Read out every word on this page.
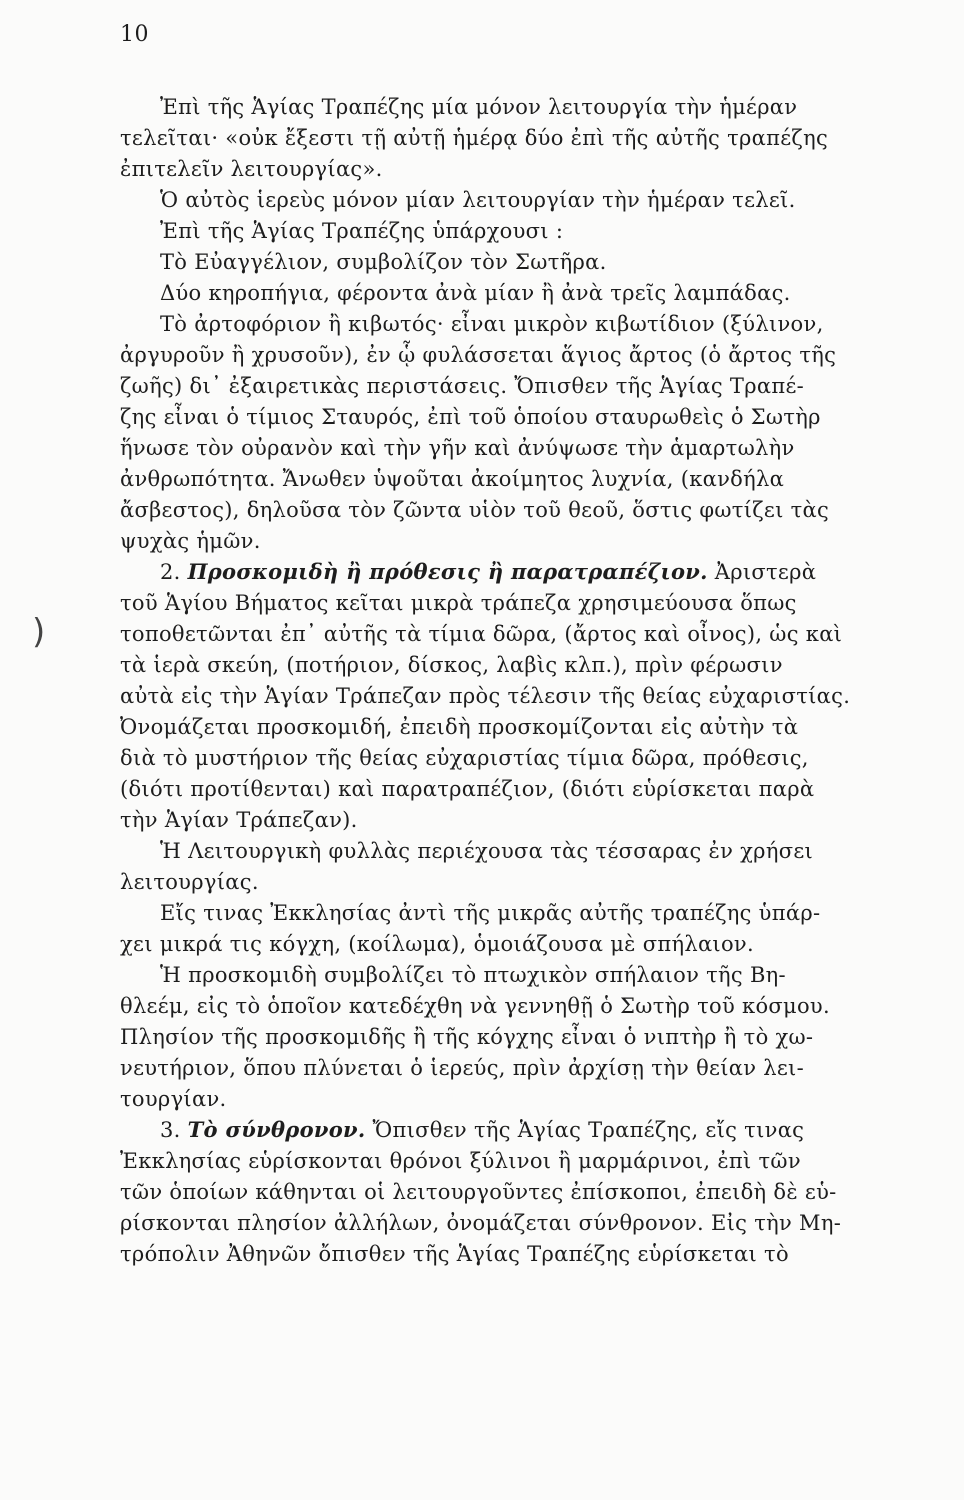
10
)
Ἐπὶ τῆς Ἁγίας Τραπέζης μία μόνον λειτουργία τὴν ἡμέραν
τελεῖται· «οὐκ ἔξεστι τῇ αὐτῇ ἡμέρᾳ δύο ἐπὶ τῆς αὐτῆς τραπέζης
ἐπιτελεῖν λειτουργίας».
Ὁ αὐτὸς ἱερεὺς μόνον μίαν λειτουργίαν τὴν ἡμέραν τελεῖ.
Ἐπὶ τῆς Ἁγίας Τραπέζης ὑπάρχουσι :
Τὸ Εὐαγγέλιον, συμβολίζον τὸν Σωτῆρα.
Δύο κηροπήγια, φέροντα ἀνὰ μίαν ἢ ἀνὰ τρεῖς λαμπάδας.
Τὸ ἀρτοφόριον ἢ κιβωτός· εἶναι μικρὸν κιβωτίδιον (ξύλινον,
ἀργυροῦν ἢ χρυσοῦν), ἐν ᾧ φυλάσσεται ἅγιος ἄρτος (ὁ ἄρτος τῆς
ζωῆς) δι᾽ ἐξαιρετικὰς περιστάσεις. Ὄπισθεν τῆς Ἁγίας Τραπέ-
ζης εἶναι ὁ τίμιος Σταυρός, ἐπὶ τοῦ ὁποίου σταυρωθεὶς ὁ Σωτὴρ
ἥνωσε τὸν οὐρανὸν καὶ τὴν γῆν καὶ ἀνύψωσε τὴν ἁμαρτωλὴν
ἀνθρωπότητα. Ἄνωθεν ὑψοῦται ἀκοίμητος λυχνία, (κανδήλα
ἄσβεστος), δηλοῦσα τὸν ζῶντα υἱὸν τοῦ θεοῦ, ὅστις φωτίζει τὰς
ψυχὰς ἡμῶν.
2. Προσκομιδὴ ἢ πρόθεσις ἢ παρατραπέζιον. Ἀριστερὰ
τοῦ Ἁγίου Βήματος κεῖται μικρὰ τράπεζα χρησιμεύουσα ὅπως
τοποθετῶνται ἐπ᾽ αὐτῆς τὰ τίμια δῶρα, (ἄρτος καὶ οἶνος), ὡς καὶ
τὰ ἱερὰ σκεύη, (ποτήριον, δίσκος, λαβὶς κλπ.), πρὶν φέρωσιν
αὐτὰ εἰς τὴν Ἁγίαν Τράπεζαν πρὸς τέλεσιν τῆς θείας εὐχαριστίας.
Ὀνομάζεται προσκομιδή, ἐπειδὴ προσκομίζονται εἰς αὐτὴν τὰ
διὰ τὸ μυστήριον τῆς θείας εὐχαριστίας τίμια δῶρα, πρόθεσις,
(διότι προτίθενται) καὶ παρατραπέζιον, (διότι εὑρίσκεται παρὰ
τὴν Ἁγίαν Τράπεζαν).
Ἡ Λειτουργικὴ φυλλὰς περιέχουσα τὰς τέσσαρας ἐν χρήσει
λειτουργίας.
Εἴς τινας Ἐκκλησίας ἀντὶ τῆς μικρᾶς αὐτῆς τραπέζης ὑπάρ-
χει μικρά τις κόγχη, (κοίλωμα), ὁμοιάζουσα μὲ σπήλαιον.
Ἡ προσκομιδὴ συμβολίζει τὸ πτωχικὸν σπήλαιον τῆς Βη-
θλεέμ, εἰς τὸ ὁποῖον κατεδέχθη νὰ γεννηθῇ ὁ Σωτὴρ τοῦ κόσμου.
Πλησίον τῆς προσκομιδῆς ἢ τῆς κόγχης εἶναι ὁ νιπτὴρ ἢ τὸ χω-
νευτήριον, ὅπου πλύνεται ὁ ἱερεύς, πρὶν ἀρχίσῃ τὴν θείαν λει-
τουργίαν.
3. Τὸ σύνθρονον. Ὄπισθεν τῆς Ἁγίας Τραπέζης, εἴς τινας
Ἐκκλησίας εὑρίσκονται θρόνοι ξύλινοι ἢ μαρμάρινοι, ἐπὶ τῶν
τῶν ὁποίων κάθηνται οἱ λειτουργοῦντες ἐπίσκοποι, ἐπειδὴ δὲ εὑ-
ρίσκονται πλησίον ἀλλήλων, ὀνομάζεται σύνθρονον. Εἰς τὴν Μη-
τρόπολιν Ἀθηνῶν ὄπισθεν τῆς Ἁγίας Τραπέζης εὑρίσκεται τὸ
